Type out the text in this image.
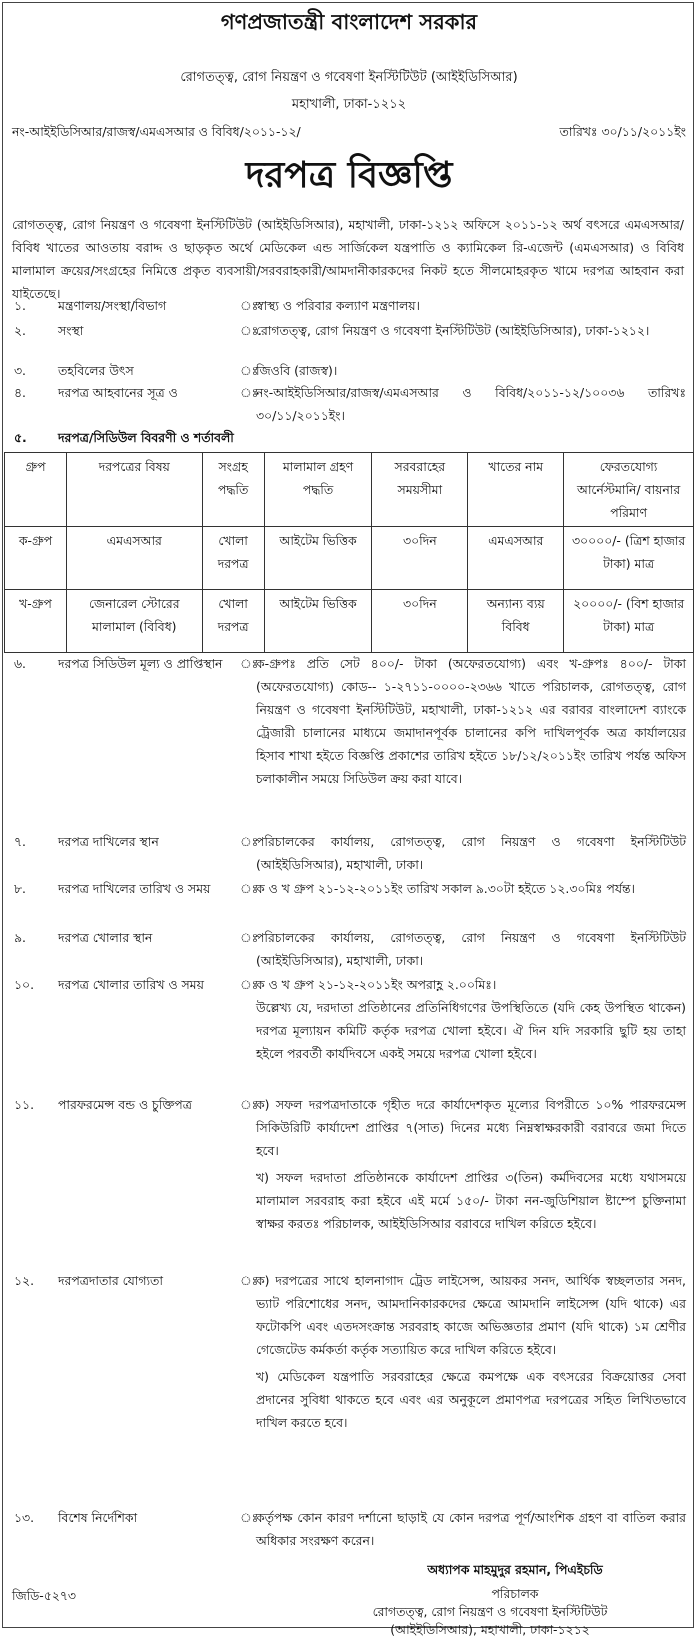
গণপ্রজাতন্ত্রী বাংলাদেশ সরকার
রোগতত্ত্ব, রোগ নিয়ন্ত্রণ ও গবেষণা ইনস্টিটিউট (আইইডিসিআর)
মহাখালী, ঢাকা-১২১২
নং-আইইডিসিআর/রাজস্ব/এমএসআর ও বিবিধ/২০১১-১২/	তারিখঃ ৩০/১১/২০১১ইং
দরপত্র বিজ্ঞপ্তি
রোগতত্ত্ব, রোগ নিয়ন্ত্রণ ও গবেষণা ইনস্টিটিউট (আইইডিসিআর), মহাখালী, ঢাকা-১২১২ অফিসে ২০১১-১২ অর্থ বৎসরে এমএসআর/বিবিধ খাতের আওতায় বরাদ্দ ও ছাড়কৃত অর্থে মেডিকেল এন্ড সার্জিকেল যন্ত্রপাতি ও ক্যামিকেল রি-এজেন্ট (এমএসআর) ও বিবিধ মালামাল ক্রয়ের/সংগ্রহের নিমিত্তে প্রকৃত ব্যবসায়ী/সরবরাহকারী/আমদানীকারকদের নিকট হতে সীলমোহরকৃত খামে দরপত্র আহবান করা যাইতেছে।
১.	মন্ত্রণালয়/সংস্থা/বিভাগ	ঃ

স্বাস্থ্য ও পরিবার কল্যাণ মন্ত্রণালয়।

২.	সংস্থা	ঃ

রোগতত্ত্ব, রোগ নিয়ন্ত্রণ ও গবেষণা ইনস্টিটিউট (আইইডিসিআর), ঢাকা-১২১২।

৩.	তহবিলের উৎস	ঃ

জিওবি (রাজস্ব)।

৪.	দরপত্র আহবানের সূত্র ও	ঃ

নং-আইইডিসিআর/রাজস্ব/এমএসআর ও বিবিধ/২০১১-১২/১০০৩৬ তারিখঃ ৩০/১১/২০১১ইং।

৫.	দরপত্র/সিডিউল বিবরণী ও শর্তাবলী
গ্রুপ	দরপত্রের বিষয়	সংগ্রহ পদ্ধতি	মালামাল গ্রহণ পদ্ধতি	সরবরাহের সময়সীমা	খাতের নাম	ফেরতযোগ্য আর্নেস্টমানি/ বায়নার পরিমাণ
ক-গ্রুপ	এমএসআর	খোলা দরপত্র	আইটেম ভিত্তিক	৩০দিন	এমএসআর	৩০০০০/- (ত্রিশ হাজার টাকা) মাত্র
খ-গ্রুপ	জেনারেল স্টোরের মালামাল (বিবিধ)	খোলা দরপত্র	আইটেম ভিত্তিক	৩০দিন	অন্যান্য ব্যয় বিবিধ	২০০০০/- (বিশ হাজার টাকা) মাত্র
৬.	দরপত্র সিডিউল মূল্য ও প্রাপ্তিস্থান	ঃ

ক-গ্রুপঃ প্রতি সেট ৪০০/- টাকা (অফেরতযোগ্য) এবং খ-গ্রুপঃ ৪০০/- টাকা (অফেরতযোগ্য) কোড-- ১-২৭১১-০০০০-২৩৬৬ খাতে পরিচালক, রোগতত্ত্ব, রোগ নিয়ন্ত্রণ ও গবেষণা ইনস্টিটিউট, মহাখালী, ঢাকা-১২১২ এর বরাবর বাংলাদেশ ব্যাংকে ট্রেজারী চালানের মাধ্যমে জমাদানপূর্বক চালানের কপি দাখিলপূর্বক অত্র কার্যালয়ের হিসাব শাখা হইতে বিজ্ঞপ্তি প্রকাশের তারিখ হইতে ১৮/১২/২০১১ইং তারিখ পর্যন্ত অফিস চলাকালীন সময়ে সিডিউল ক্রয় করা যাবে।

৭.	দরপত্র দাখিলের স্থান	ঃ

পরিচালকের কার্যালয়, রোগতত্ত্ব, রোগ নিয়ন্ত্রণ ও গবেষণা ইনস্টিটিউট (আইইডিসিআর), মহাখালী, ঢাকা।

৮.	দরপত্র দাখিলের তারিখ ও সময়	ঃ

ক ও খ গ্রুপ ২১-১২-২০১১ইং তারিখ সকাল ৯.৩০টা হইতে ১২.৩০মিঃ পর্যন্ত।

৯.	দরপত্র খোলার স্থান	ঃ

পরিচালকের কার্যালয়, রোগতত্ত্ব, রোগ নিয়ন্ত্রণ ও গবেষণা ইনস্টিটিউট (আইইডিসিআর), মহাখালী, ঢাকা।

১০. দরপত্র খোলার তারিখ ও সময়	ঃ

ক ও খ গ্রুপ ২১-১২-২০১১ইং অপরাহ্ণ ২.০০মিঃ।

উল্লেখ্য যে, দরদাতা প্রতিষ্ঠানের প্রতিনিধিগণের উপস্থিতিতে (যদি কেহ উপস্থিত থাকেন) দরপত্র মূল্যায়ন কমিটি কর্তৃক দরপত্র খোলা হইবে। ঐ দিন যদি সরকারি ছুটি হয় তাহা হইলে পরবর্তী কার্যদিবসে একই সময়ে দরপত্র খোলা হইবে।

১১. পারফরমেন্স বন্ড ও চুক্তিপত্র	ঃ

ক) সফল দরপত্রদাতাকে গৃহীত দরে কার্যাদেশকৃত মূল্যের বিপরীতে ১০% পারফরমেন্স সিকিউরিটি কার্যাদেশ প্রাপ্তির ৭(সাত) দিনের মধ্যে নিম্নস্বাক্ষরকারী বরাবরে জমা দিতে হবে।

খ) সফল দরদাতা প্রতিষ্ঠানকে কার্যাদেশ প্রাপ্তির ৩(তিন) কর্মদিবসের মধ্যে যথাসময়ে মালামাল সরবরাহ করা হইবে এই মর্মে ১৫০/- টাকা নন-জুডিশিয়াল ষ্টাম্পে চুক্তিনামা স্বাক্ষর করতঃ পরিচালক, আইইডিসিআর বরাবরে দাখিল করিতে হইবে।

১২. দরপত্রদাতার যোগ্যতা	ঃ

ক) দরপত্রের সাথে হালনাগাদ ট্রেড লাইসেন্স, আয়কর সনদ, আর্থিক স্বচ্ছলতার সনদ, ভ্যাট পরিশোধের সনদ, আমদানিকারকদের ক্ষেত্রে আমদানি লাইসেন্স (যদি থাকে) এর ফটোকপি এবং এতদসংক্রান্ত সরবরাহ কাজে অভিজ্ঞতার প্রমাণ (যদি থাকে) ১ম শ্রেণীর গেজেটেড কর্মকর্তা কর্তৃক সত্যায়িত করে দাখিল করিতে হইবে।

খ) মেডিকেল যন্ত্রপাতি সরবরাহের ক্ষেত্রে কমপক্ষে এক বৎসরের বিক্রয়োত্তর সেবা প্রদানের সুবিধা থাকতে হবে এবং এর অনুকূলে প্রমাণপত্র দরপত্রের সহিত লিখিতভাবে দাখিল করতে হবে।

১৩. বিশেষ নির্দেশিকা	ঃ

কর্তৃপক্ষ কোন কারণ দর্শানো ছাড়াই যে কোন দরপত্র পূর্ণ/আংশিক গ্রহণ বা বাতিল করার অধিকার সংরক্ষণ করেন।

অধ্যাপক মাহমুদুর রহমান, পিএইচডি
পরিচালক
রোগতত্ত্ব, রোগ নিয়ন্ত্রণ ও গবেষণা ইনস্টিটিউট
(আইইডিসিআর), মহাখালী, ঢাকা-১২১২
জিডি-৫২৭৩
